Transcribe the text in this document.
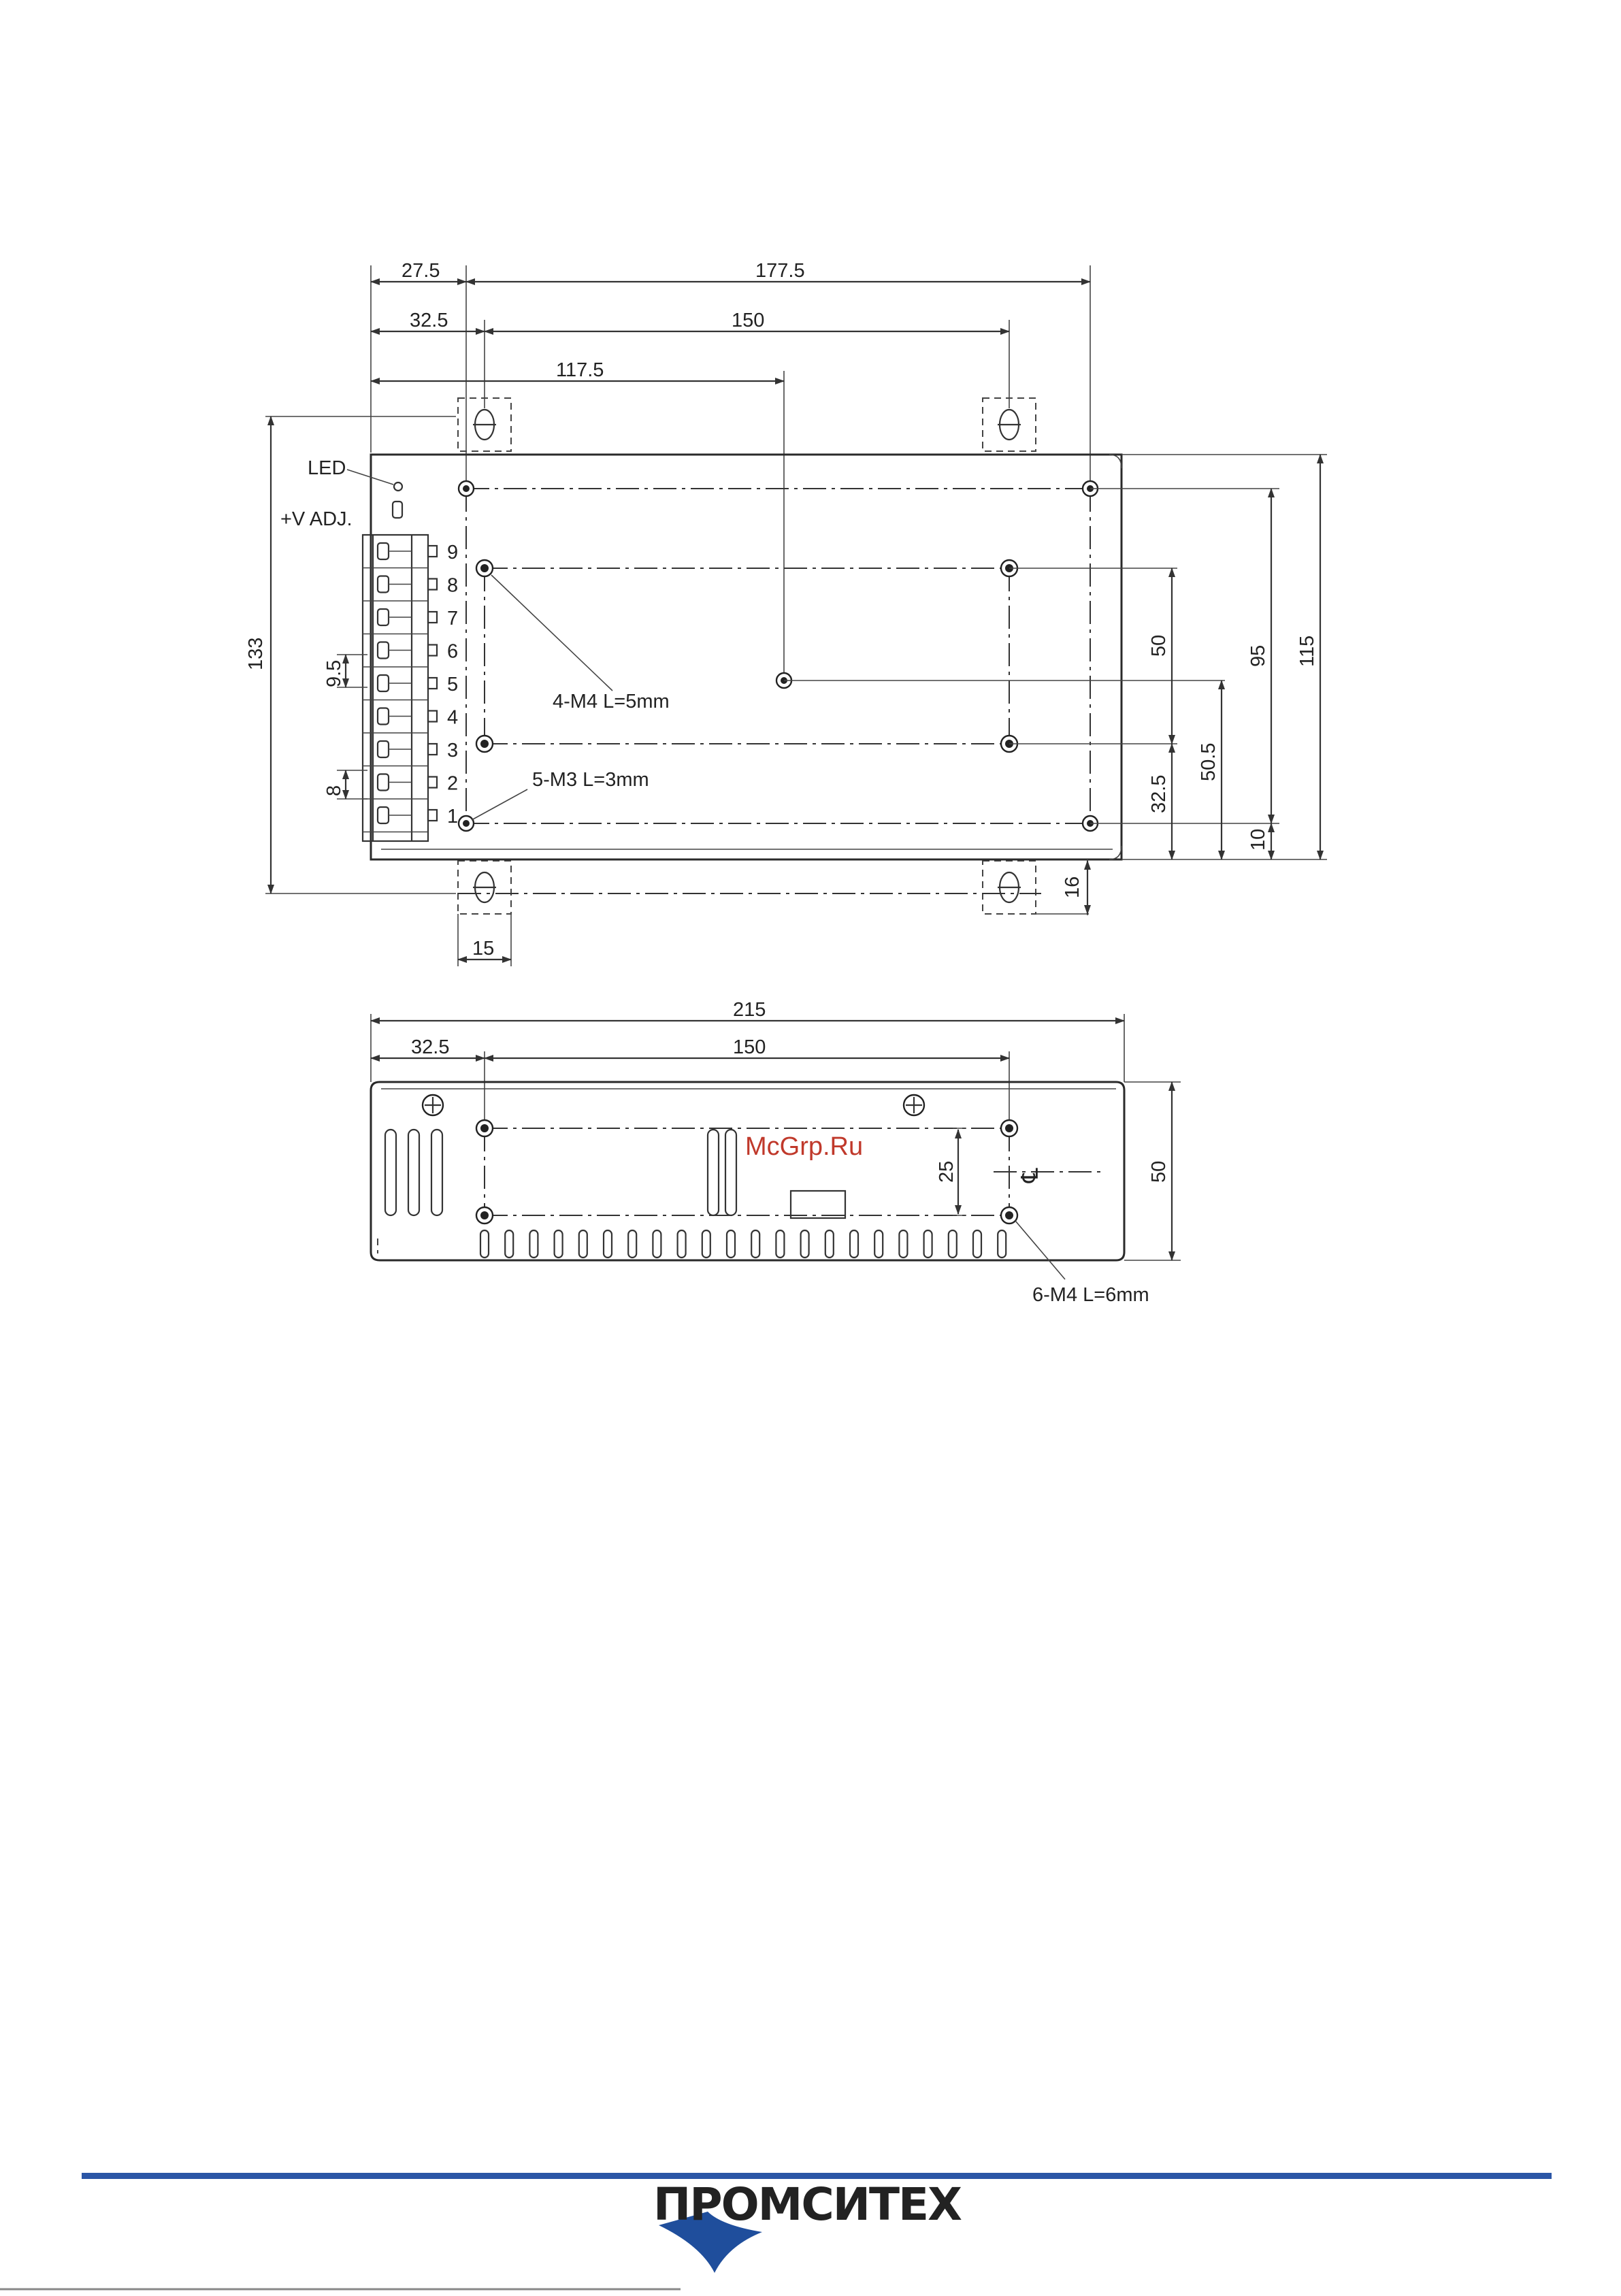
27.5	177.5
32.5	150
117.5
LED
+V ADJ.
9
8
7
6
5
4
3
2
1
133
9.5
8
15
16
50
32.5
50.5
95
10
115
4-M4 L=5mm
5-M3 L=3mm
215
32.5	150
℄
25	50
6-M4 L=6mm
McGrp.Ru
ПРОМСИТЕХ
